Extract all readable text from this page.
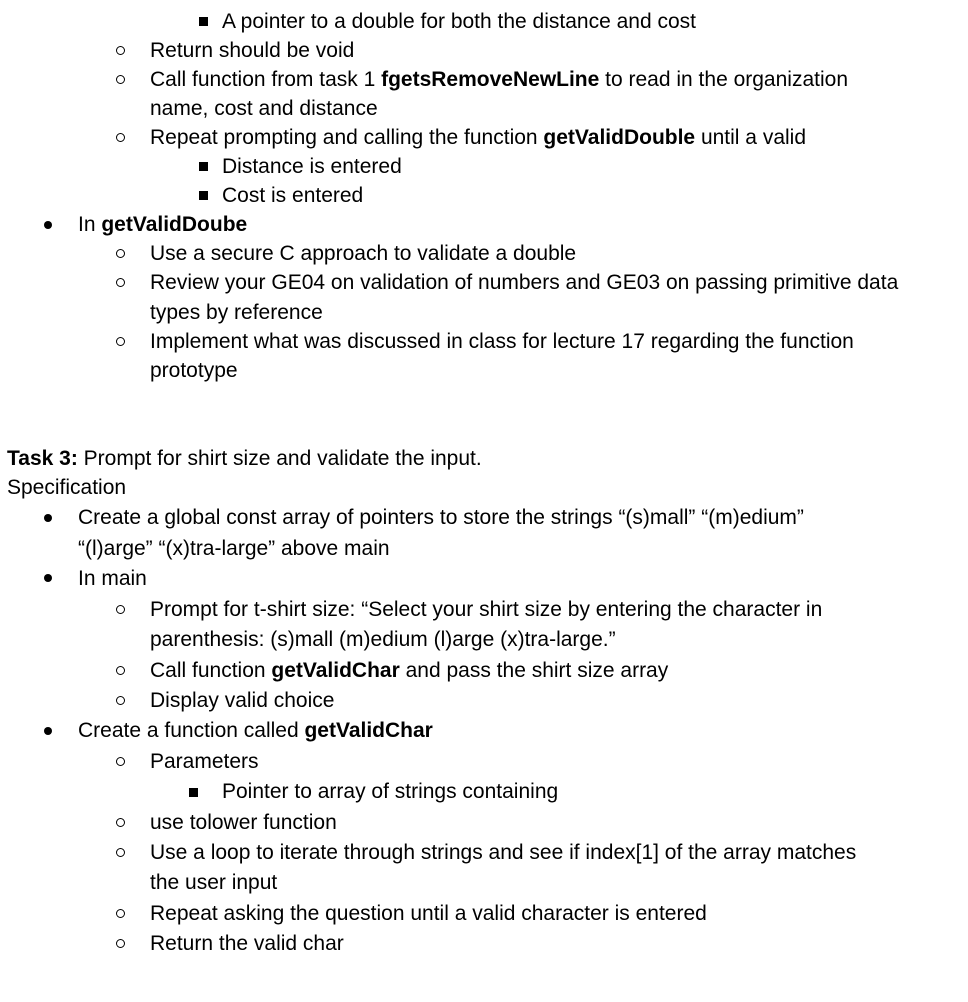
A pointer to a double for both the distance and cost
Return should be void
Call function from task 1 fgetsRemoveNewLine to read in the organization
name, cost and distance
Repeat prompting and calling the function getValidDouble until a valid
Distance is entered
Cost is entered
In getValidDoube
Use a secure C approach to validate a double
Review your GE04 on validation of numbers and GE03 on passing primitive data
types by reference
Implement what was discussed in class for lecture 17 regarding the function
prototype
Task 3: Prompt for shirt size and validate the input.
Specification
Create a global const array of pointers to store the strings “(s)mall” “(m)edium”
“(l)arge” “(x)tra-large” above main
In main
Prompt for t-shirt size: “Select your shirt size by entering the character in
parenthesis: (s)mall (m)edium (l)arge (x)tra-large.”
Call function getValidChar and pass the shirt size array
Display valid choice
Create a function called getValidChar
Parameters
Pointer to array of strings containing
use tolower function
Use a loop to iterate through strings and see if index[1] of the array matches
the user input
Repeat asking the question until a valid character is entered
Return the valid char
